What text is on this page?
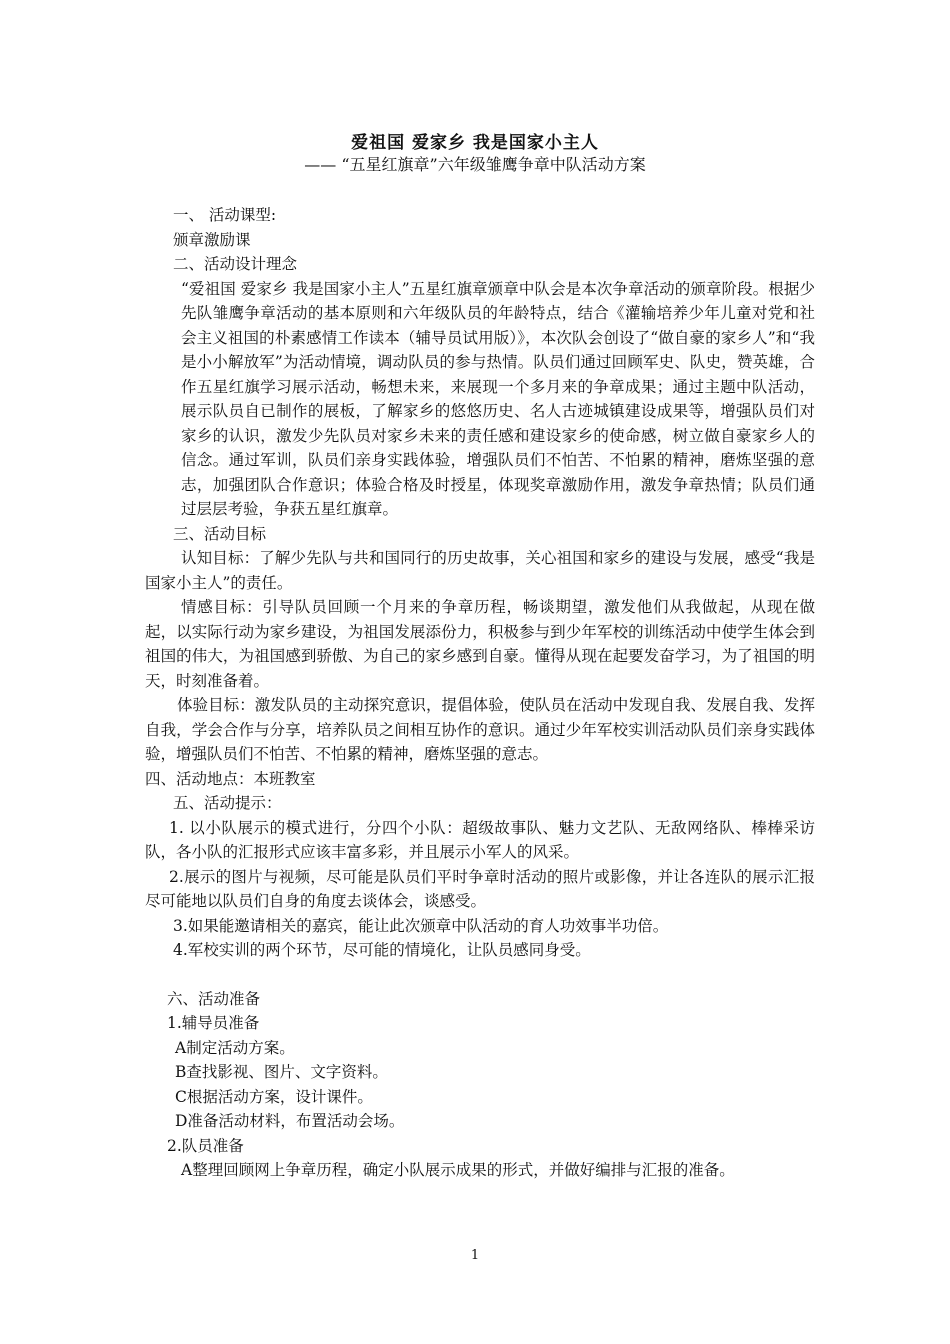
爱祖国 爱家乡 我是国家小主人
—— “五星红旗章”六年级雏鹰争章中队活动方案

一、 活动课型:

颁章激励课

二、活动设计理念

“爱祖国 爱家乡 我是国家小主人”五星红旗章颁章中队会是本次争章活动的颁章阶段。根据少先队雏鹰争章活动的基本原则和六年级队员的年龄特点，结合《灌输培养少年儿童对党和社会主义祖国的朴素感情工作读本（辅导员试用版）》，本次队会创设了“做自豪的家乡人”和“我是小小解放军”为活动情境，调动队员的参与热情。队员们通过回顾军史、队史，赞英雄，合作五星红旗学习展示活动，畅想未来，来展现一个多月来的争章成果；通过主题中队活动，展示队员自已制作的展板，了解家乡的悠悠历史、名人古迹城镇建设成果等，增强队员们对家乡的认识，激发少先队员对家乡未来的责任感和建设家乡的使命感，树立做自豪家乡人的信念。通过军训，队员们亲身实践体验，增强队员们不怕苦、不怕累的精神，磨炼坚强的意志，加强团队合作意识；体验合格及时授星，体现奖章激励作用，激发争章热情；队员们通过层层考验，争获五星红旗章。

三、活动目标

认知目标：了解少先队与共和国同行的历史故事，关心祖国和家乡的建设与发展，感受“我是国家小主人”的责任。

情感目标：引导队员回顾一个月来的争章历程，畅谈期望，激发他们从我做起，从现在做起，以实际行动为家乡建设，为祖国发展添份力，积极参与到少年军校的训练活动中使学生体会到祖国的伟大，为祖国感到骄傲、为自己的家乡感到自豪。懂得从现在起要发奋学习，为了祖国的明天，时刻准备着。

体验目标：激发队员的主动探究意识，提倡体验，使队员在活动中发现自我、发展自我、发挥自我，学会合作与分享，培养队员之间相互协作的意识。通过少年军校实训活动队员们亲身实践体验，增强队员们不怕苦、不怕累的精神，磨炼坚强的意志。

四、活动地点：本班教室

五、活动提示：

1. 以小队展示的模式进行，分四个小队：超级故事队、魅力文艺队、无敌网络队、棒棒采访队，各小队的汇报形式应该丰富多彩，并且展示小军人的风采。

2.展示的图片与视频，尽可能是队员们平时争章时活动的照片或影像，并让各连队的展示汇报尽可能地以队员们自身的角度去谈体会，谈感受。

3.如果能邀请相关的嘉宾，能让此次颁章中队活动的育人功效事半功倍。

4.军校实训的两个环节，尽可能的情境化，让队员感同身受。

六、活动准备

1.辅导员准备

A制定活动方案。

B查找影视、图片、文字资料。

C根据活动方案，设计课件。

D准备活动材料，布置活动会场。

2.队员准备

A整理回顾网上争章历程，确定小队展示成果的形式，并做好编排与汇报的准备。

1
